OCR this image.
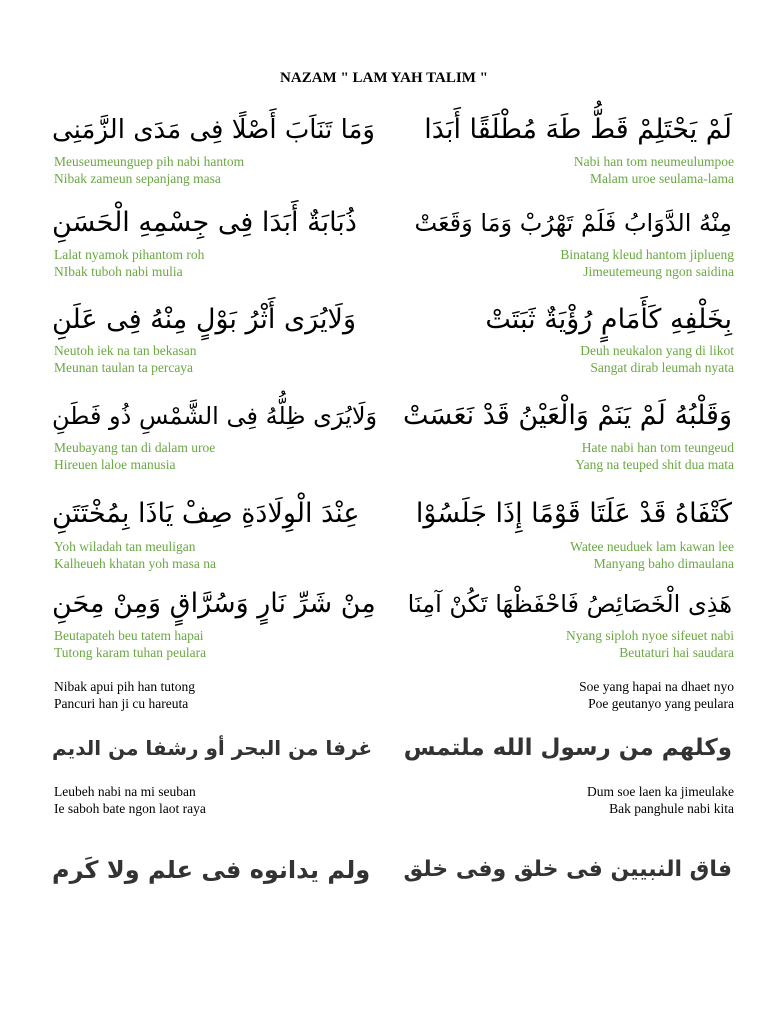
NAZAM " LAM YAH TALIM "
وَمَا تَنَاَبَ أَصْلًا فِى مَدَى الزَّمَنِى لَمْ يَحْتَلِمْ قَطُّ طَهَ مُطْلَقًا أَبَدَا
Meuseumeunguep pih nabi hantom
Nibak zameun sepanjang masa
Nabi han tom neumeulumpoe
Malam uroe seulama-lama
ذُبَابَةٌ أَبَدَا فِى جِسْمِهِ الْحَسَنِ مِنْهُ الدَّوَابُ فَلَمْ تَهْرُبْ وَمَا وَقَعَتْ
Lalat nyamok pihantom roh
NIbak tuboh nabi mulia
Binatang kleud hantom jiplueng
Jimeutemeung ngon saidina
وَلَايُرَى أَثْرُ بَوْلٍ مِنْهُ فِى عَلَنِ	بِخَلْفِهِ كَأَمَامٍ رُؤْيَةٌ ثَبَتَتْ
Neutoh iek na tan bekasan
Meunan taulan ta percaya
Deuh neukalon yang di likot
Sangat dirab leumah nyata
وَلَايُرَى ظِلُّهُ فِى الشَّمْسِ ذُو فَطَنِ وَقَلْبُهُ لَمْ يَنَمْ وَالْعَيْنُ قَدْ نَعَسَتْ
Meubayang tan di dalam uroe
Hireuen laloe manusia
Hate nabi han tom teungeud
Yang na teuped shit dua mata
عِنْدَ الْوِلَادَةِ صِفْ يَاذَا بِمُخْتَتَنِ كَتْفَاهُ قَدْ عَلَتَا قَوْمًا إِذَا جَلَسُوْا
Yoh wiladah tan meuligan
Kalheueh khatan yoh masa na
Watee neuduek lam kawan lee
Manyang baho dimaulana
مِنْ شَرِّ نَارٍ وَسُرَّاقٍ وَمِنْ مِحَنِ هَذِى الْخَصَائِصُ فَاحْفَظْهَا تَكُنْ آمِنَا
Beutapateh beu tatem hapai
Tutong karam tuhan peulara
Nyang siploh nyoe sifeuet nabi
Beutaturi hai saudara
Nibak apui pih han tutong
Pancuri han ji cu hareuta
Soe yang hapai na dhaet nyo
Poe geutanyo yang peulara
غرفا من البحر أو رشفا من الديم وكلهم من رسول الله ملتمس
Leubeh nabi na mi seuban
Ie saboh bate ngon laot raya
Dum soe laen ka jimeulake
Bak panghule nabi kita
ولم يدانوه فى علم ولا كَرم فاق النبيين فى خلق وفى خلق
